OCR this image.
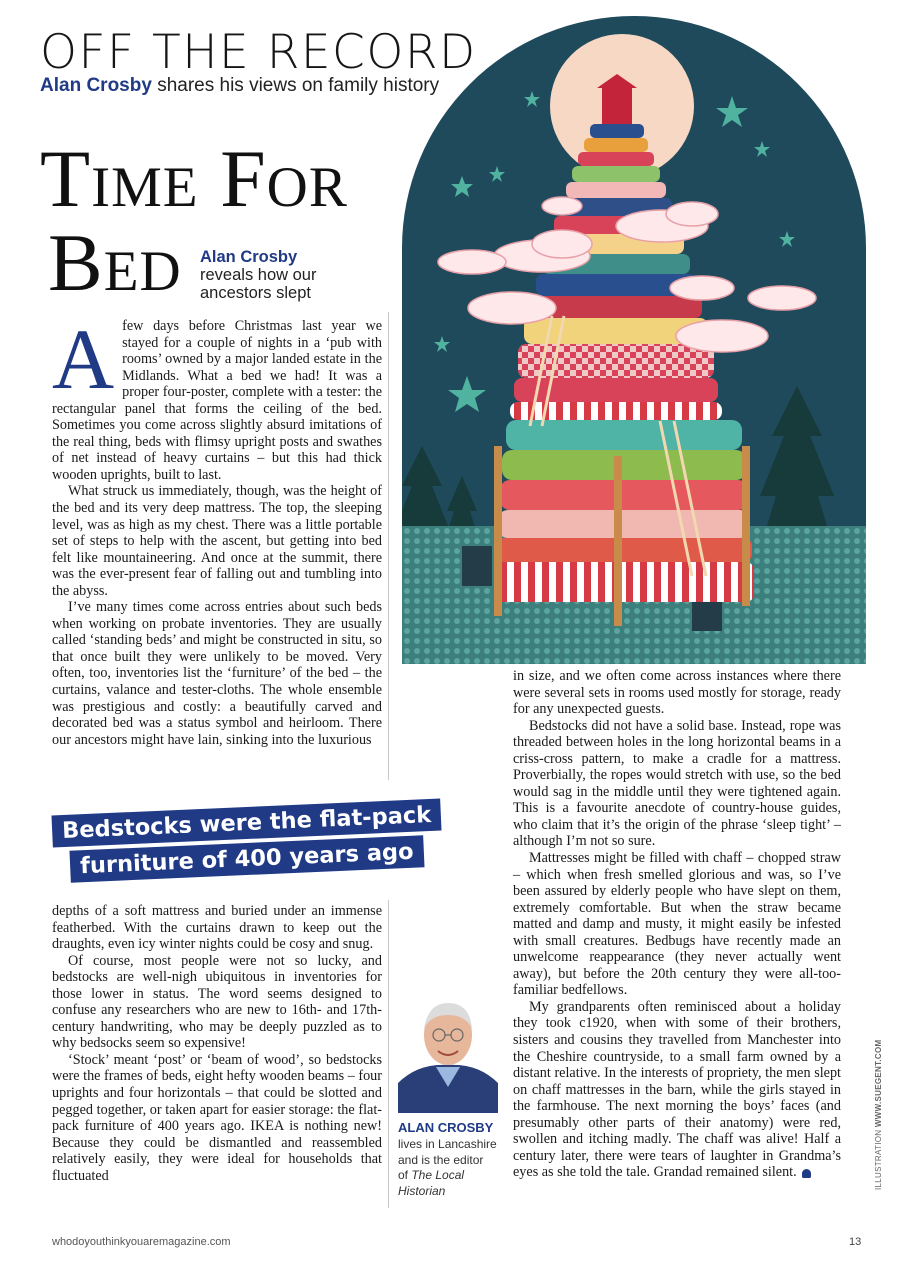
OFF THE RECORD
Alan Crosby shares his views on family history
Time For
Bed Alan Crosby
reveals how our
ancestors slept

Afew days before Christmas last year we stayed for a couple of nights in a ‘pub with rooms’ owned by a major landed estate in the Midlands. What a bed we had! It was a proper four-poster, complete with a tester: the rectangular panel that forms the ceiling of the bed. Sometimes you come across slightly absurd imitations of the real thing, beds with flimsy upright posts and swathes of net instead of heavy curtains – but this had thick wooden uprights, built to last.

What struck us immediately, though, was the height of the bed and its very deep mattress. The top, the sleeping level, was as high as my chest. There was a little portable set of steps to help with the ascent, but getting into bed felt like mountaineering. And once at the summit, there was the ever-present fear of falling out and tumbling into the abyss.

I’ve many times come across entries about such beds when working on probate inventories. They are usually called ‘standing beds’ and might be constructed in situ, so that once built they were unlikely to be moved. Very often, too, inventories list the ‘furniture’ of the bed – the curtains, valance and tester-cloths. The whole ensemble was prestigious and costly: a beautifully carved and decorated bed was a status symbol and heirloom. There our ancestors might have lain, sinking into the luxurious

Bedstocks were the flat-pack
furniture of 400 years ago

depths of a soft mattress and buried under an immense featherbed. With the curtains drawn to keep out the draughts, even icy winter nights could be cosy and snug.

Of course, most people were not so lucky, and bedstocks are well-nigh ubiquitous in inventories for those lower in status. The word seems designed to confuse any researchers who are new to 16th- and 17th-century handwriting, who may be deeply puzzled as to why bedsocks seem so expensive!

‘Stock’ meant ‘post’ or ‘beam of wood’, so bedstocks were the frames of beds, eight hefty wooden beams – four uprights and four horizontals – that could be slotted and pegged together, or taken apart for easier storage: the flat-pack furniture of 400 years ago. IKEA is nothing new! Because they could be dismantled and reassembled relatively easily, they were ideal for households that fluctuated

ALAN CROSBY
lives in Lancashire
and is the editor
of The Local
Historian

in size, and we often come across instances where there were several sets in rooms used mostly for storage, ready for any unexpected guests.

Bedstocks did not have a solid base. Instead, rope was threaded between holes in the long horizontal beams in a criss-cross pattern, to make a cradle for a mattress. Proverbially, the ropes would stretch with use, so the bed would sag in the middle until they were tightened again. This is a favourite anecdote of country-house guides, who claim that it’s the origin of the phrase ‘sleep tight’ – although I’m not so sure.

Mattresses might be filled with chaff – chopped straw – which when fresh smelled glorious and was, so I’ve been assured by elderly people who have slept on them, extremely comfortable. But when the straw became matted and damp and musty, it might easily be infested with small creatures. Bedbugs have recently made an unwelcome reappearance (they never actually went away), but before the 20th century they were all-too-familiar bedfellows.

My grandparents often reminisced about a holiday they took c1920, when with some of their brothers, sisters and cousins they travelled from Manchester into the Cheshire countryside, to a small farm owned by a distant relative. In the interests of propriety, the men slept on chaff mattresses in the barn, while the girls stayed in the farmhouse. The next morning the boys’ faces (and presumably other parts of their anatomy) were red, swollen and itching madly. The chaff was alive! Half a century later, there were tears of laughter in Grandma’s eyes as she told the tale. Grandad remained silent.	ILLUSTRATION WWW.SUEGENT.COM
whodoyouthinkyouaremagazine.com	13
